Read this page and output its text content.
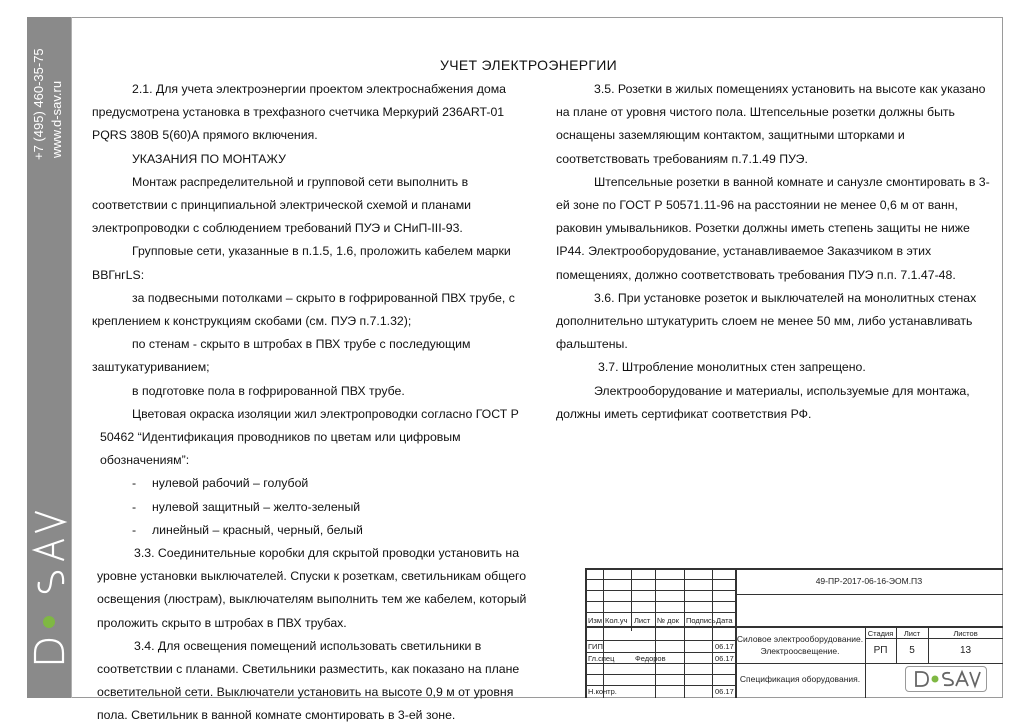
+7 (495) 460-35-75 www.d-sav.ru
УЧЕТ ЭЛЕКТРОЭНЕРГИИ

2.1. Для учета электроэнергии проектом электроснабжения дома

предусмотрена установка в трехфазного счетчика Меркурий 236ART-01

PQRS 380В 5(60)А прямого включения.

УКАЗАНИЯ ПО МОНТАЖУ

Монтаж распределительной и групповой сети выполнить в

соответствии с принципиальной электрической схемой и планами

электропроводки с соблюдением требований ПУЭ и СНиП-III-93.

Групповые сети, указанные в п.1.5, 1.6, проложить кабелем марки

ВВГнгLS:

за подвесными потолками – скрыто в гофрированной ПВХ трубе, с

креплением к конструкциям скобами (см. ПУЭ п.7.1.32);

по стенам - скрыто в штробах в ПВХ трубе с последующим

заштукатуриванием;

в подготовке пола в гофрированной ПВХ трубе.

Цветовая окраска изоляции жил электропроводки согласно ГОСТ Р

50462 “Идентификация проводников по цветам или цифровым

обозначениям”:

- нулевой рабочий – голубой

- нулевой защитный – желто-зеленый

- линейный – красный, черный, белый

3.3. Соединительные коробки для скрытой проводки установить на

уровне установки выключателей. Спуски к розеткам, светильникам общего

освещения (люстрам), выключателям выполнить тем же кабелем, который

проложить скрыто в штробах в ПВХ трубах.

3.4. Для освещения помещений использовать светильники в

соответствии с планами. Светильники разместить, как показано на плане

осветительной сети. Выключатели установить на высоте 0,9 м от уровня

пола. Светильник в ванной комнате смонтировать в 3-ей зоне.

3.5. Розетки в жилых помещениях установить на высоте как указано

на плане от уровня чистого пола. Штепсельные розетки должны быть

оснащены заземляющим контактом, защитными шторками и

соответствовать требованиям п.7.1.49 ПУЭ.

Штепсельные розетки в ванной комнате и санузле смонтировать в 3-

ей зоне по ГОСТ Р 50571.11-96 на расстоянии не менее 0,6 м от ванн,

раковин умывальников. Розетки должны иметь степень защиты не ниже

IP44. Электрооборудование, устанавливаемое Заказчиком в этих

помещениях, должно соответствовать требования ПУЭ п.п. 7.1.47-48.

3.6. При установке розеток и выключателей на монолитных стенах

дополнительно штукатурить слоем не менее 50 мм, либо устанавливать

фальштены.

3.7. Штробление монолитных стен запрещено.

Электрооборудование и материалы, используемые для монтажа,

должны иметь сертификат соответствия РФ.

Изм Кол.уч Лист № док Подпись Дата
ГИП	06.17
Гл.спец	Федоров	06.17
Н.контр.	06.17
49-ПР-2017-06-16-ЭОМ.ПЗ
Силовое электрооборудование.
Электроосвещение.
Стадия	Лист	Листов
РП	5	13
Спецификация оборудования.
